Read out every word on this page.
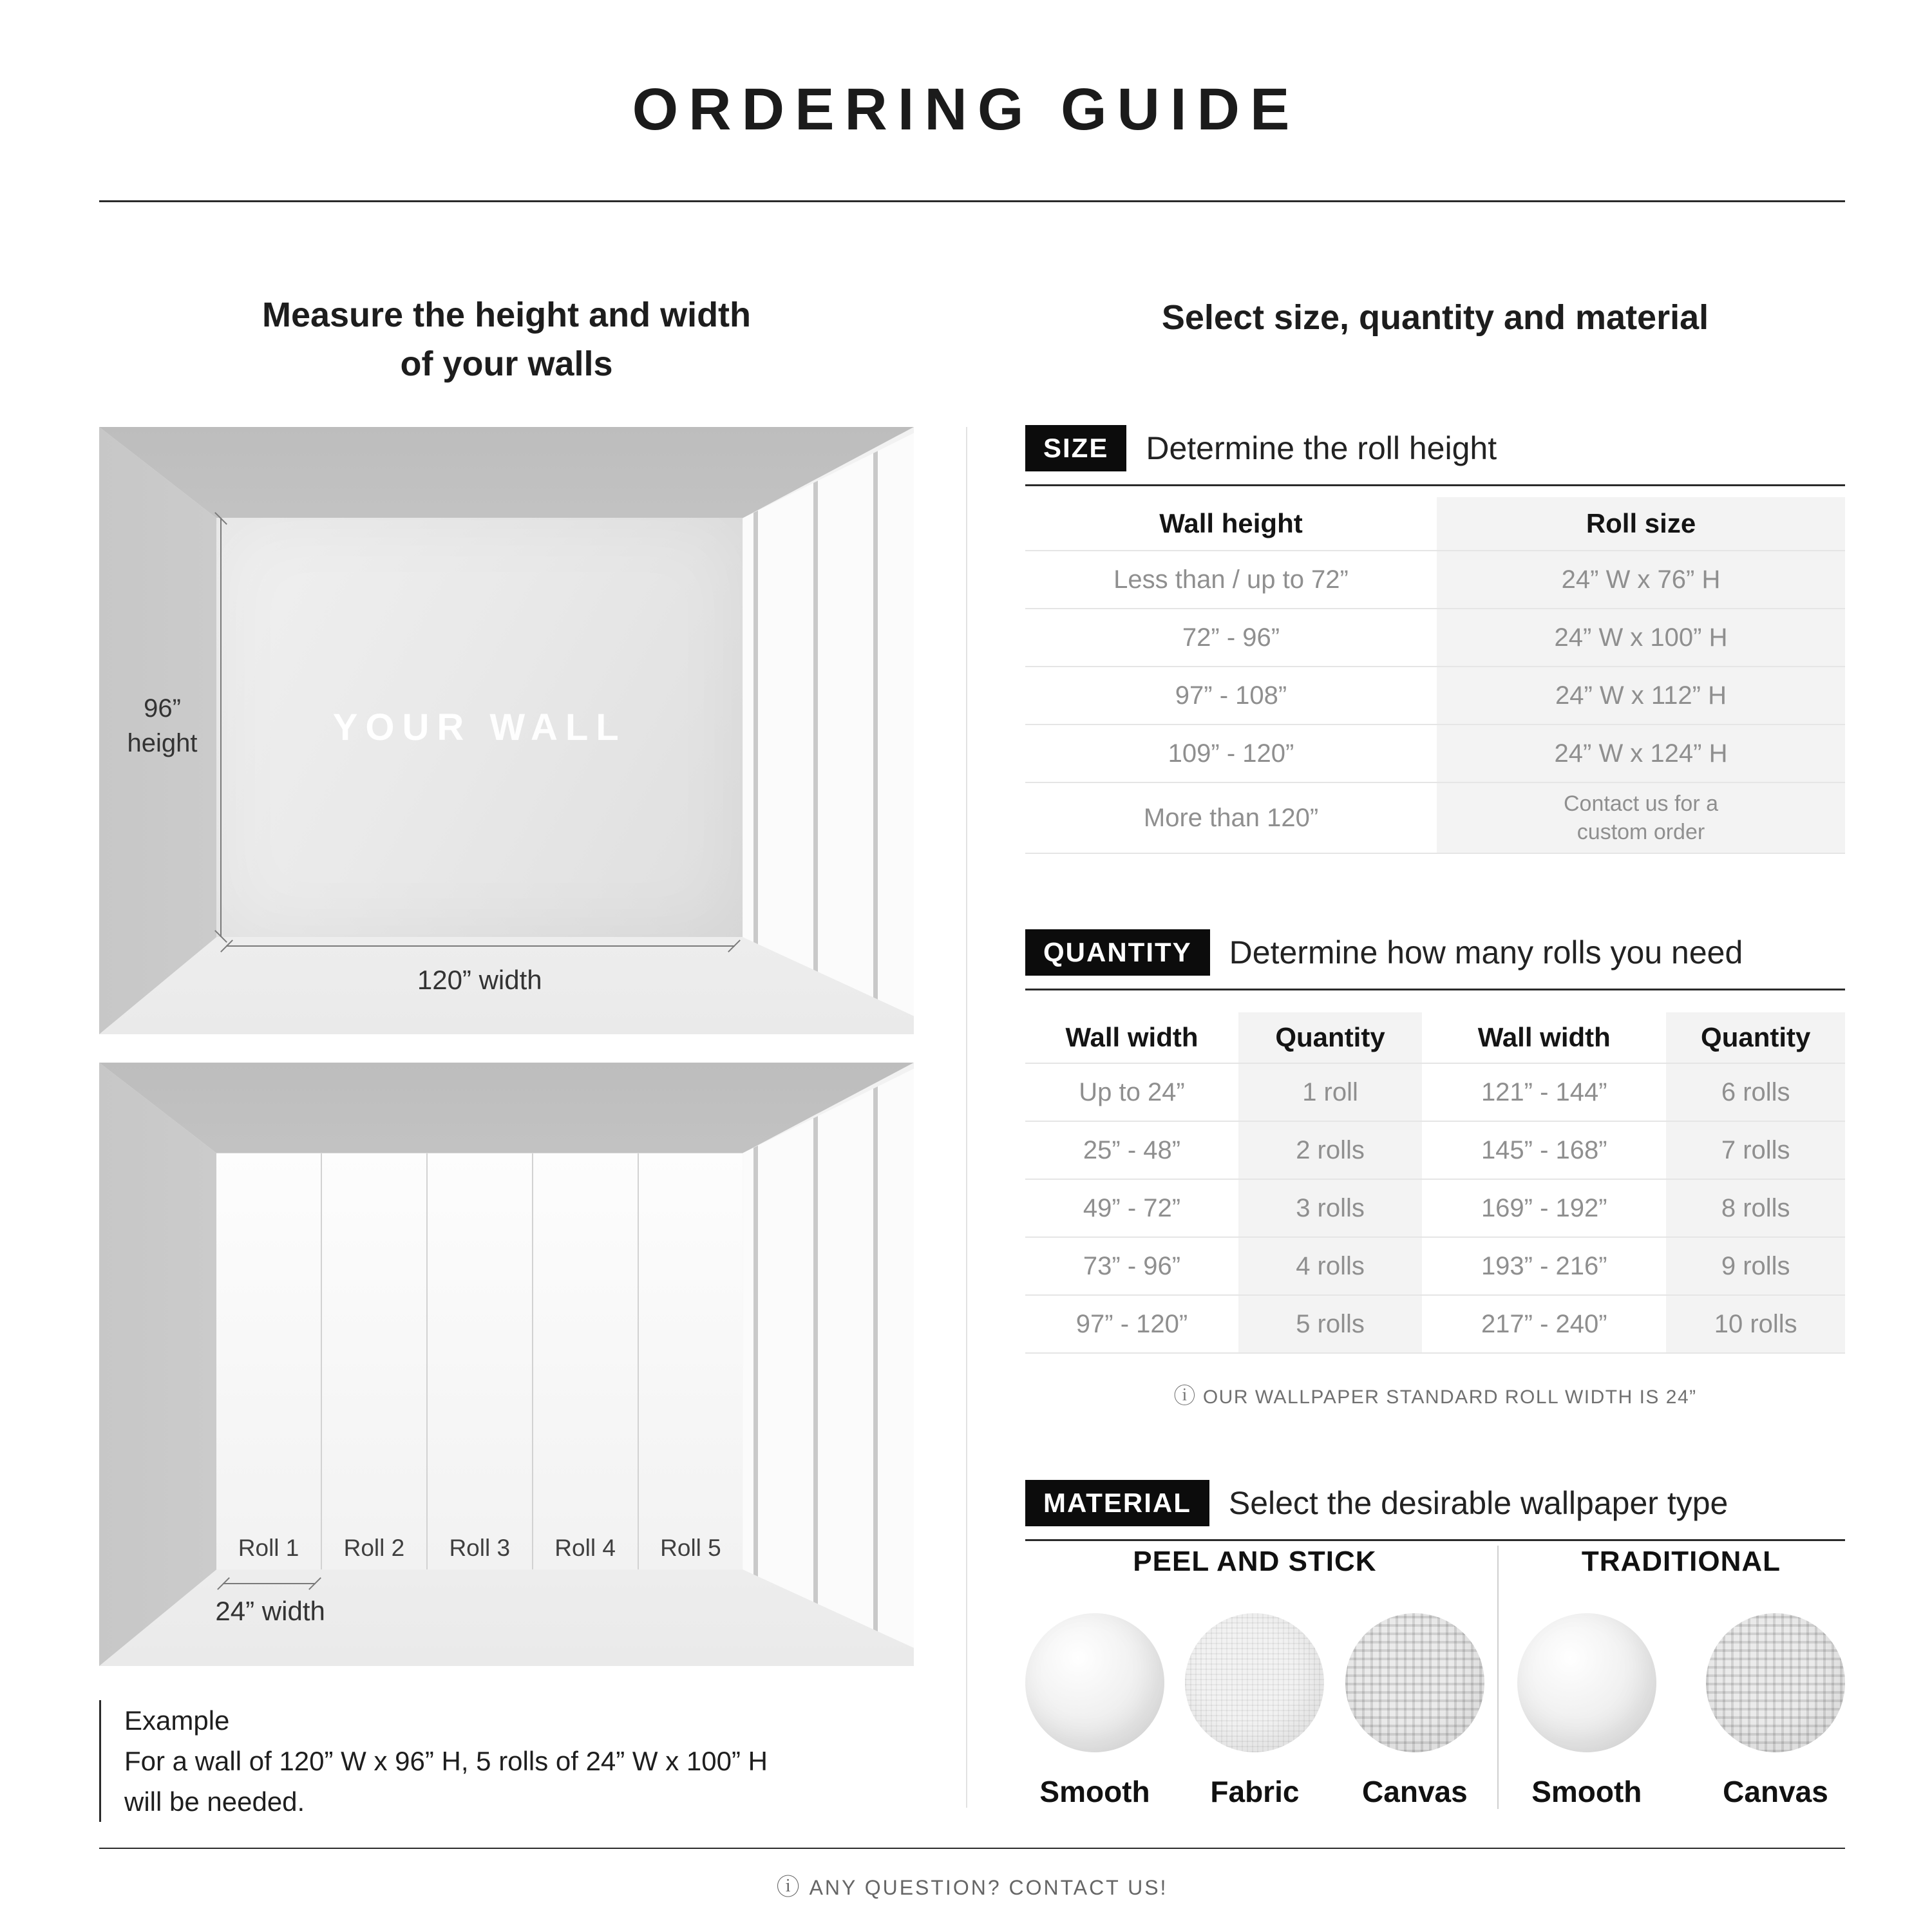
ORDERING GUIDE
Measure the height and width
of your walls
Select size, quantity and material
YOUR WALL
96”
height
120” width
Roll 1	Roll 2	Roll 3	Roll 4	Roll 5
24” width
Example
For a wall of 120” W x 96” H, 5 rolls of 24” W x 100” H
will be needed.
SIZE	Determine the roll height
Wall height	Roll size
Less than / up to 72”	24” W x 76” H
72” - 96”	24” W x 100” H
97” - 108”	24” W x 112” H
109” - 120”	24” W x 124” H
More than 120”	Contact us for a
custom order
QUANTITY	Determine how many rolls you need
Wall width	Quantity	Wall width	Quantity
Up to 24”	1 roll	121” - 144”	6 rolls
25” - 48”	2 rolls	145” - 168”	7 rolls
49” - 72”	3 rolls	169” - 192”	8 rolls
73” - 96”	4 rolls	193” - 216”	9 rolls
97” - 120”	5 rolls	217” - 240”	10 rolls
ⓘ OUR WALLPAPER STANDARD ROLL WIDTH IS 24”
MATERIAL	Select the desirable wallpaper type
PEEL AND STICK
Smooth Fabric Canvas
TRADITIONAL
Smooth	Canvas
ⓘ ANY QUESTION? CONTACT US!
